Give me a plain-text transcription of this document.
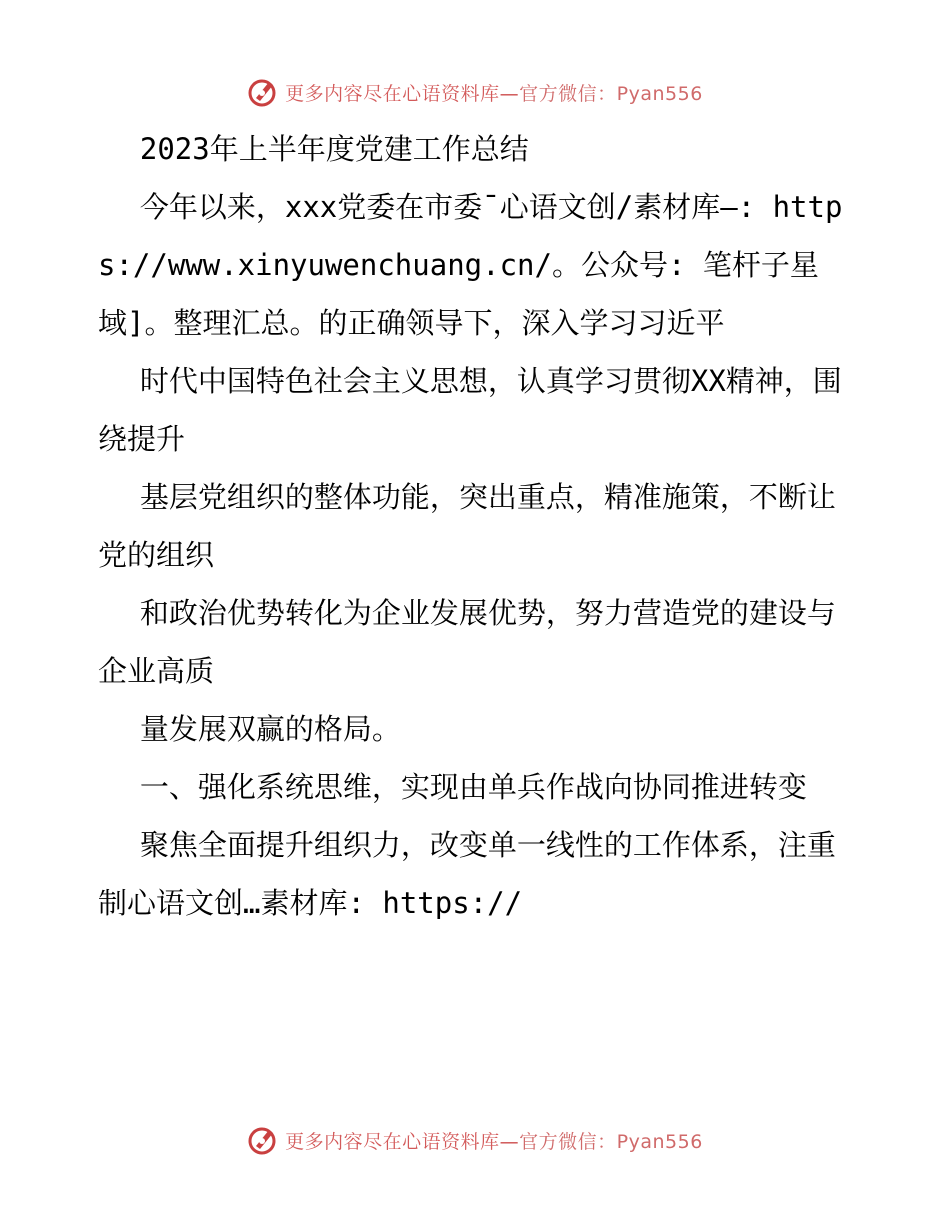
更多内容尽在心语资料库—官方微信：Pyan556

2023年上半年度党建工作总结

今年以来，xxx党委在市委¯心语文创/素材库—: https://www.xinyuwenchuang.cn/。公众号: 笔杆子星域]。整理汇总。的正确领导下，深入学习习近平

时代中国特色社会主义思想，认真学习贯彻XX精神，围绕提升

基层党组织的整体功能，突出重点，精准施策，不断让党的组织

和政治优势转化为企业发展优势，努力营造党的建设与企业高质

量发展双赢的格局。

一、强化系统思维，实现由单兵作战向协同推进转变

聚焦全面提升组织力，改变单一线性的工作体系，注重制心语文创…素材库: https://

更多内容尽在心语资料库—官方微信：Pyan556
